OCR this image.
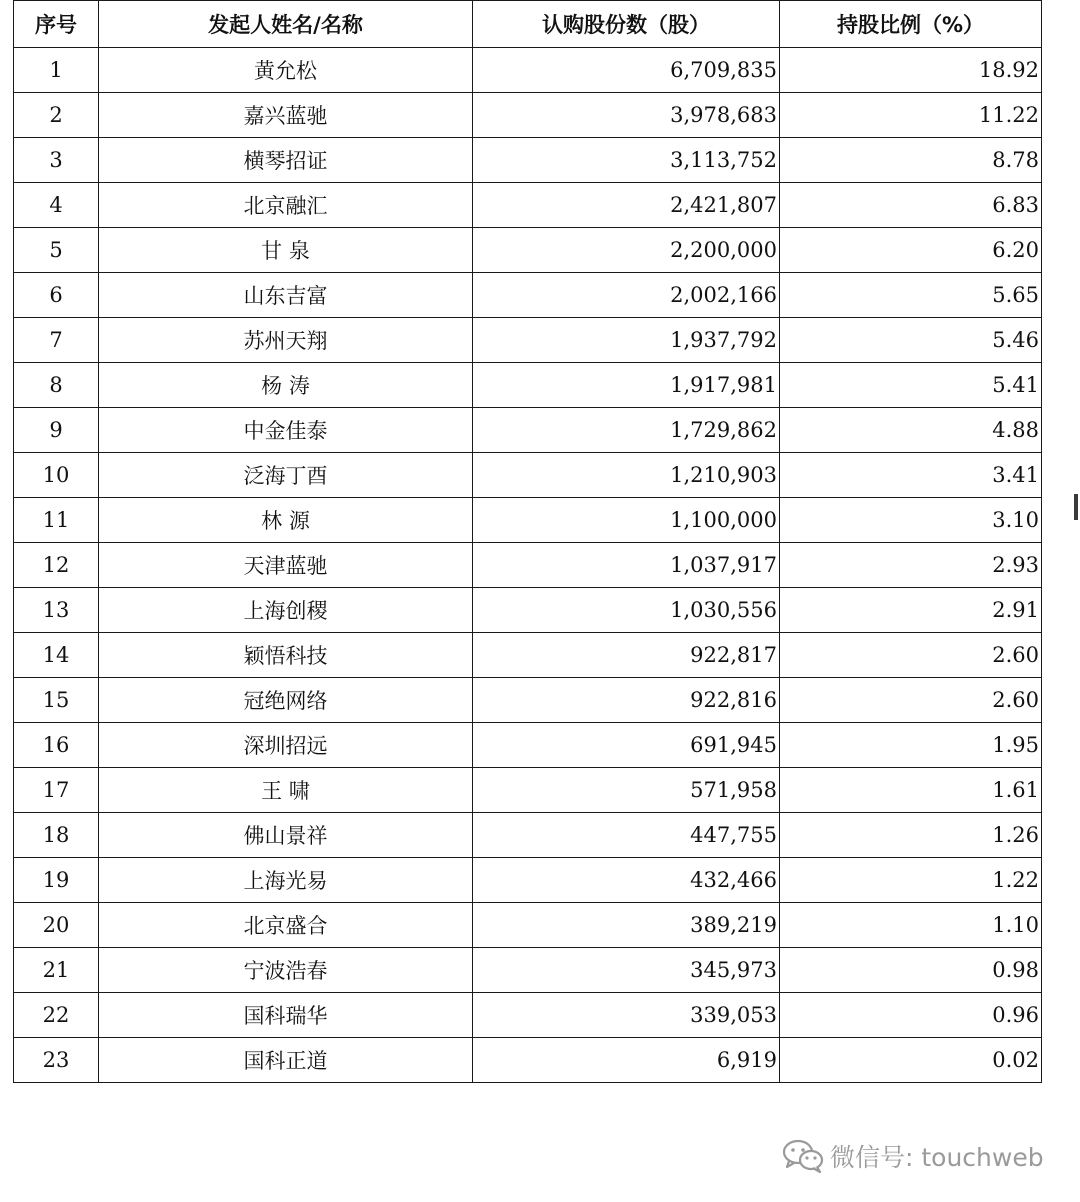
序号	发起人姓名/名称	认购股份数（股）	持股比例（%）
1	黄允松	6,709,835	18.92
2	嘉兴蓝驰	3,978,683	11.22
3	横琴招证	3,113,752	8.78
4	北京融汇	2,421,807	6.83
5	甘 泉	2,200,000	6.20
6	山东吉富	2,002,166	5.65
7	苏州天翔	1,937,792	5.46
8	杨 涛	1,917,981	5.41
9	中金佳泰	1,729,862	4.88
10	泛海丁酉	1,210,903	3.41
11	林 源	1,100,000	3.10
12	天津蓝驰	1,037,917	2.93
13	上海创稷	1,030,556	2.91
14	颖悟科技	922,817	2.60
15	冠绝网络	922,816	2.60
16	深圳招远	691,945	1.95
17	王 啸	571,958	1.61
18	佛山景祥	447,755	1.26
19	上海光易	432,466	1.22
20	北京盛合	389,219	1.10
21	宁波浩春	345,973	0.98
22	国科瑞华	339,053	0.96
23	国科正道	6,919	0.02
微信号: touchweb
